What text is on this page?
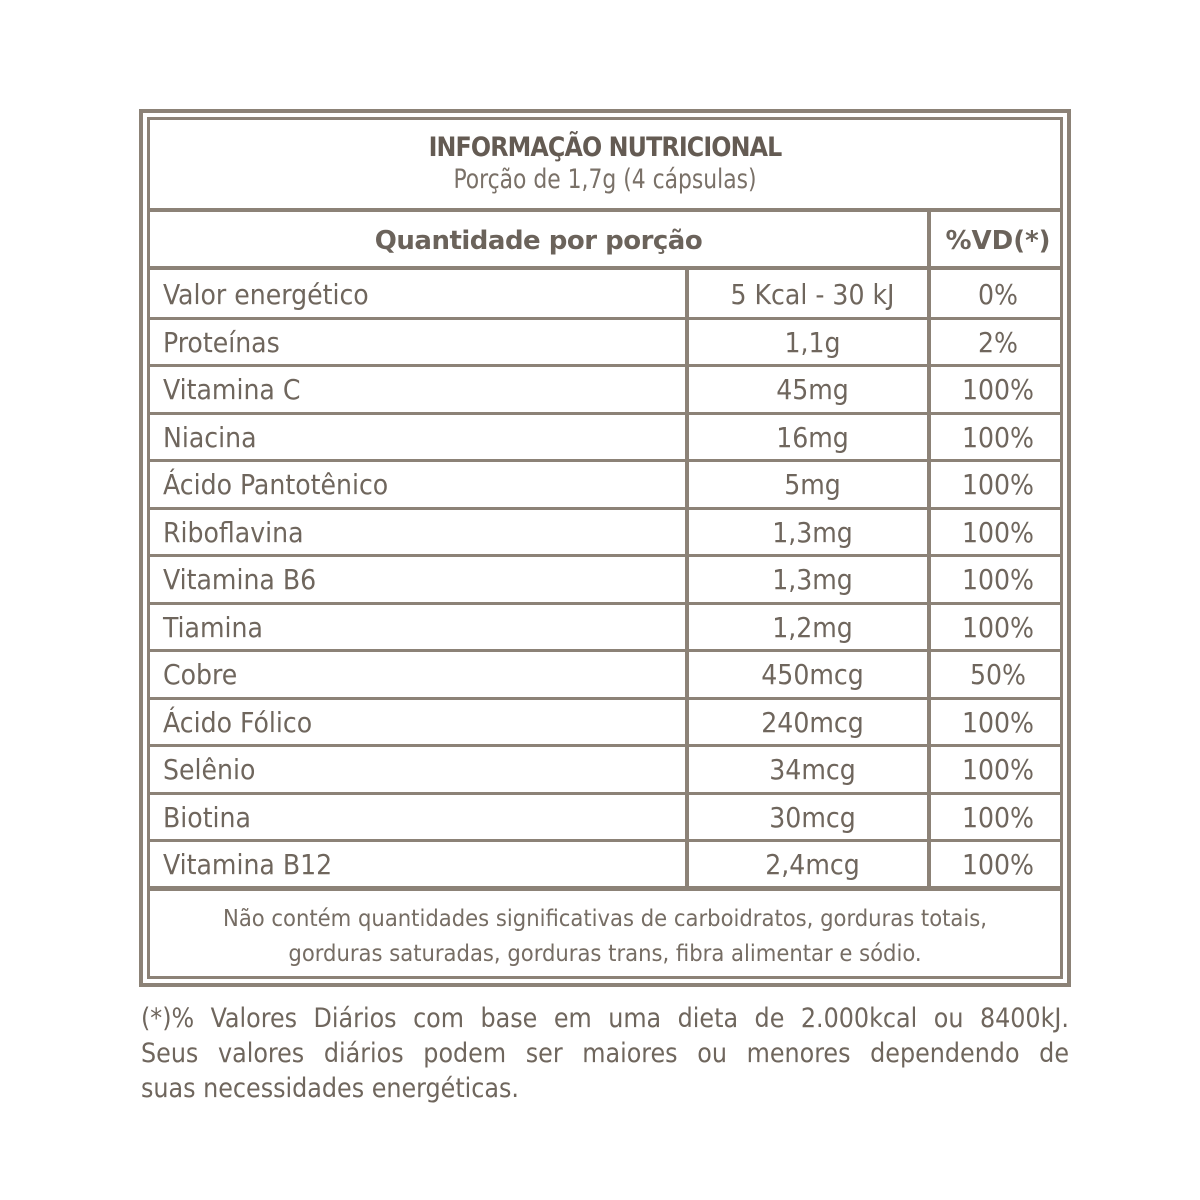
INFORMAÇÃO NUTRICIONAL
Porção de 1,7g (4 cápsulas)
Quantidade por porção	%VD(*)
Valor energético	5 Kcal - 30 kJ	0%
Proteínas	1,1g	2%
Vitamina C	45mg	100%
Niacina	16mg	100%
Ácido Pantotênico	5mg	100%
Riboflavina	1,3mg	100%
Vitamina B6	1,3mg	100%
Tiamina	1,2mg	100%
Cobre	450mcg	50%
Ácido Fólico	240mcg	100%
Selênio	34mcg	100%
Biotina	30mcg	100%
Vitamina B12	2,4mcg	100%
Não contém quantidades significativas de carboidratos, gorduras totais,
gorduras saturadas, gorduras trans, fibra alimentar e sódio.
(*)% Valores Diários com base em uma dieta de 2.000kcal ou 8400kJ.
Seus valores diários podem ser maiores ou menores dependendo de
suas necessidades energéticas.
